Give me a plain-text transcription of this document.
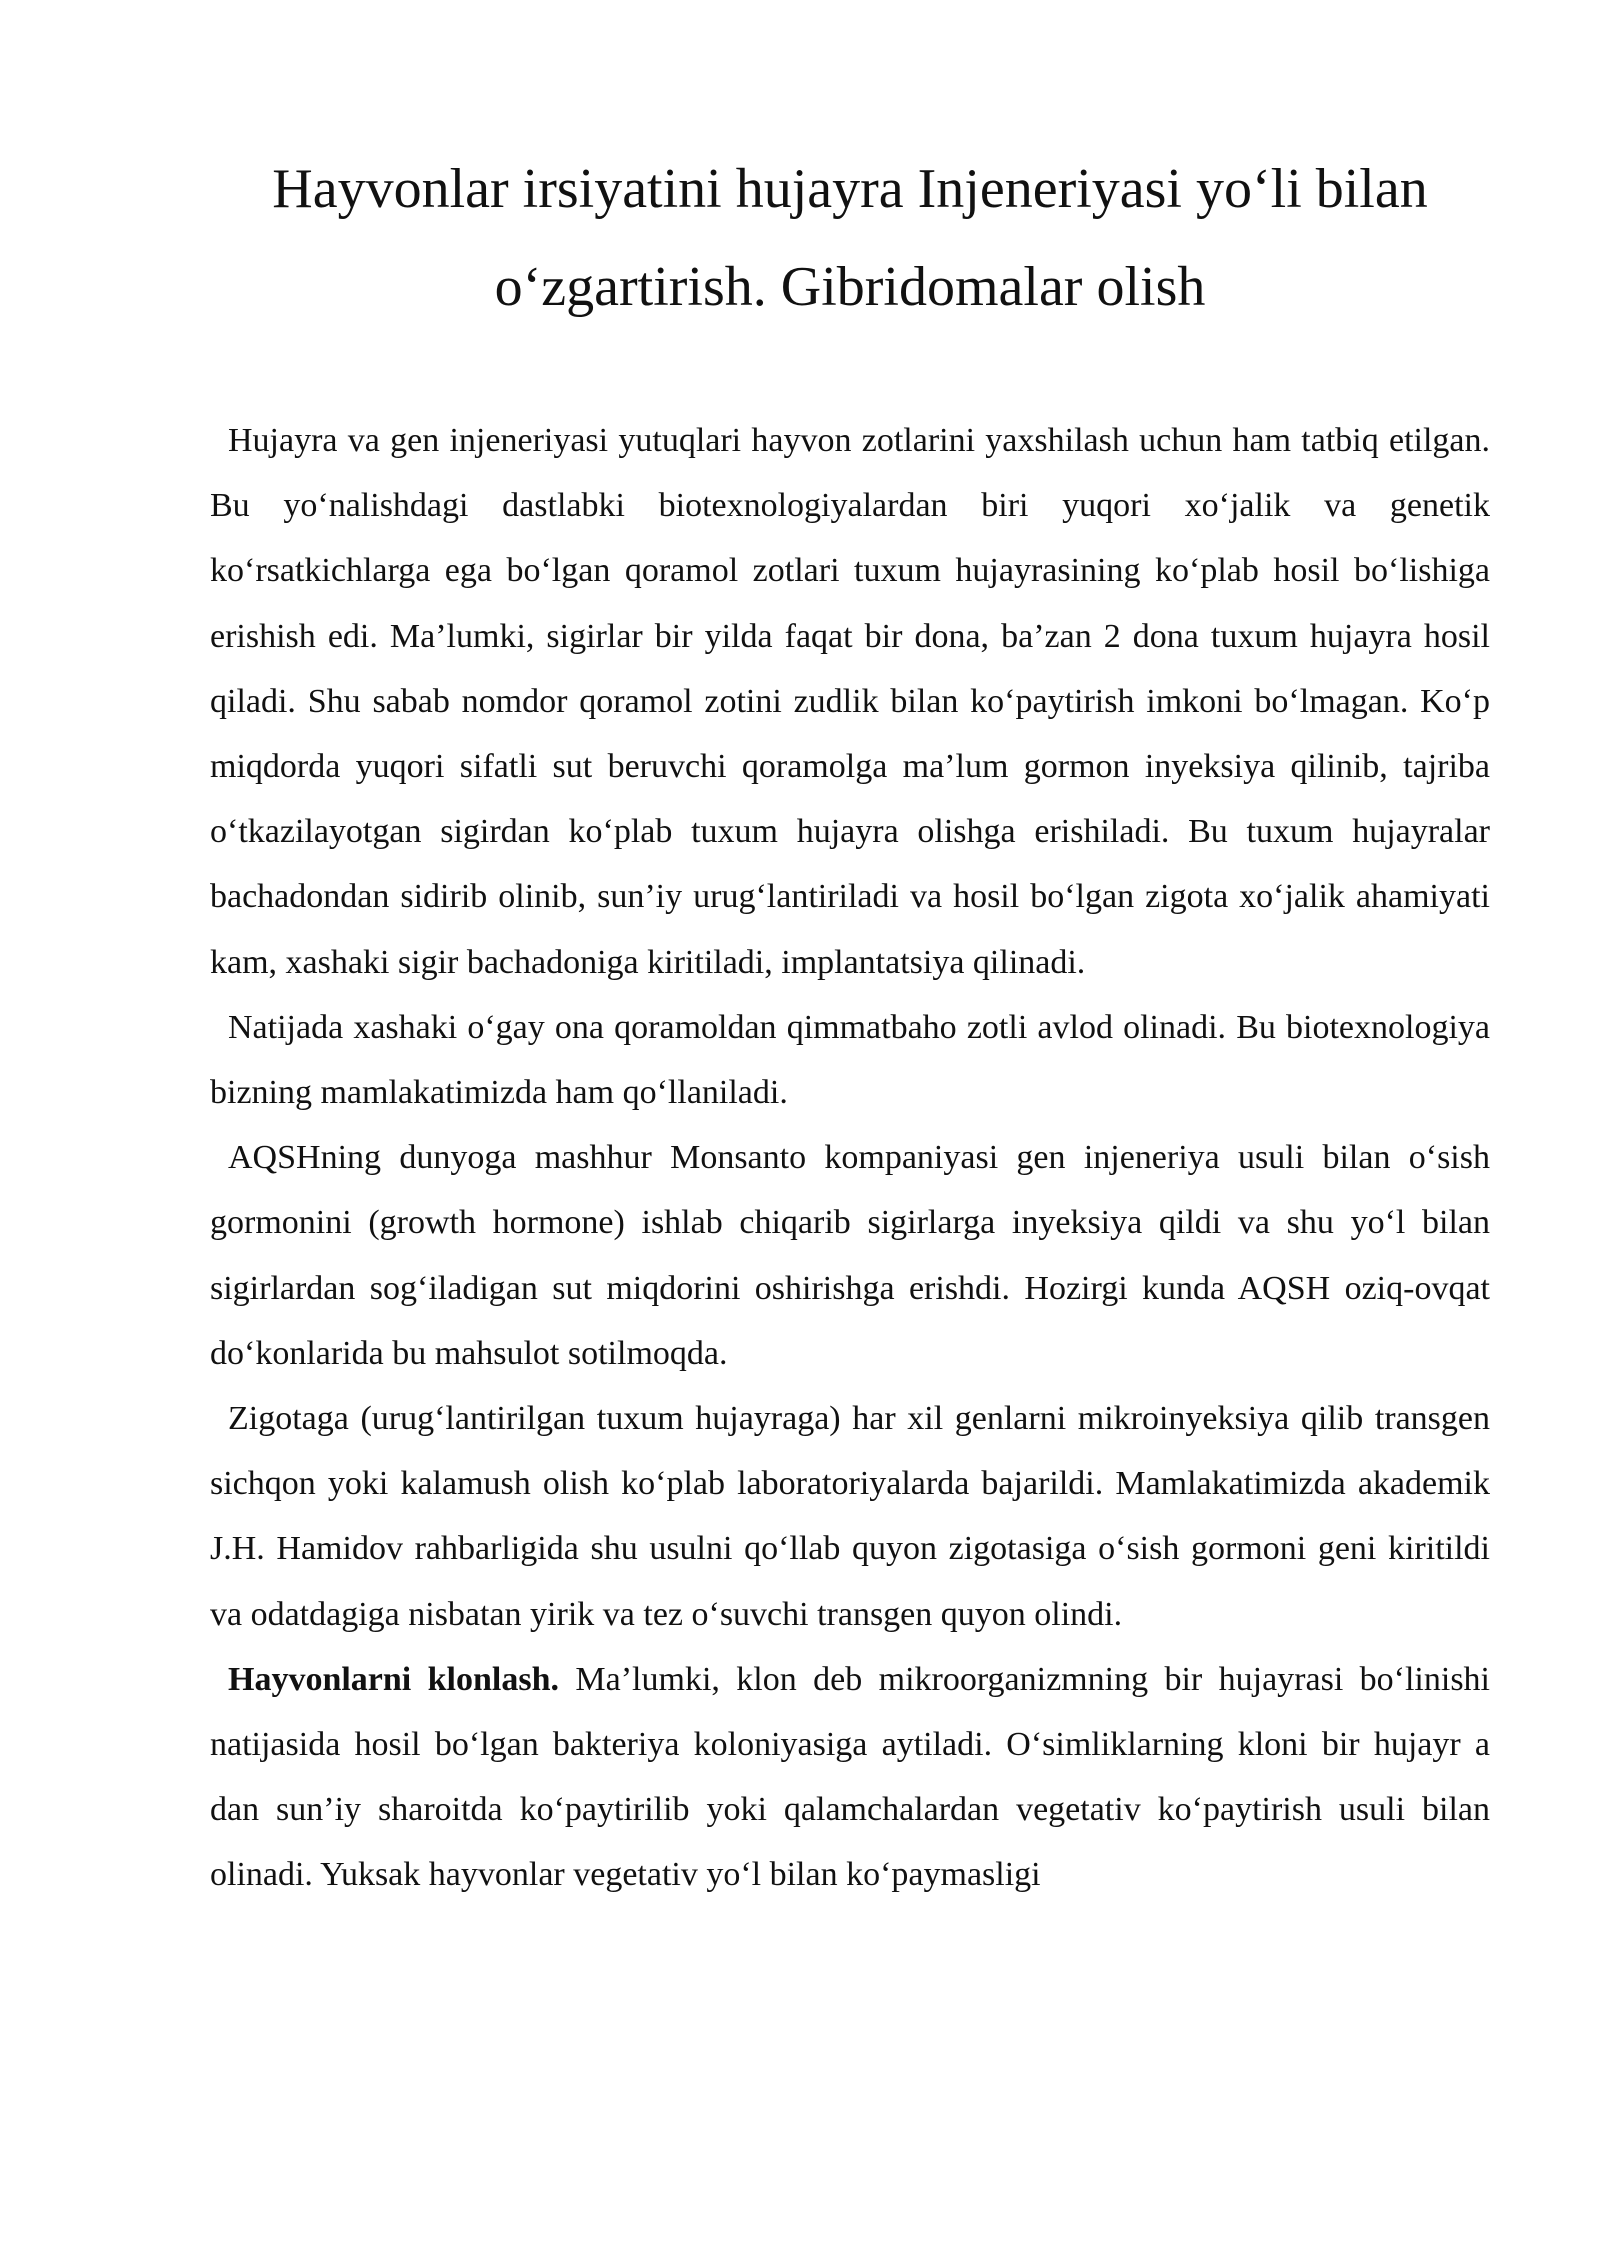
Hayvonlar irsiyatini hujayra Injeneriyasi yo‘li bilan o‘zgartirish. Gibridomalar olish

Hujayra va gen injeneriyasi yutuqlari hayvon zotlarini yaxshilash uchun ham tatbiq etilgan. Bu yo‘nalishdagi dastlabki biotexnologiyalardan biri yuqori xo‘jalik va genetik ko‘rsatkichlarga ega bo‘lgan qoramol zotlari tuxum hujayrasining ko‘plab hosil bo‘lishiga erishish edi. Ma’lumki, sigirlar bir yilda faqat bir dona, ba’zan 2 dona tuxum hujayra hosil qiladi. Shu sabab nomdor qoramol zotini zudlik bilan ko‘paytirish imkoni bo‘lmagan. Ko‘p miqdorda yuqori sifatli sut beruvchi qoramolga ma’lum gormon inyeksiya qilinib, tajriba o‘tkazilayotgan sigirdan ko‘plab tuxum hujayra olishga erishiladi. Bu tuxum hujayralar bachadondan sidirib olinib, sun’iy urug‘lantiriladi va hosil bo‘lgan zigota xo‘jalik ahamiyati kam, xashaki sigir bachadoniga kiritiladi, implantatsiya qilinadi.

Natijada xashaki o‘gay ona qoramoldan qimmatbaho zotli avlod olinadi. Bu biotexnologiya bizning mamlakatimizda ham qo‘llaniladi.

AQSHning dunyoga mashhur Monsanto kompaniyasi gen injeneriya usuli bilan o‘sish gormonini (growth hormone) ishlab chiqarib sigirlarga inyeksiya qildi va shu yo‘l bilan sigirlardan sog‘iladigan sut miqdorini oshirishga erishdi. Hozirgi kunda AQSH oziq-ovqat do‘konlarida bu mahsulot sotilmoqda.

Zigotaga (urug‘lantirilgan tuxum hujayraga) har xil genlarni mikroinyeksiya qilib transgen sichqon yoki kalamush olish ko‘plab laboratoriyalarda bajarildi. Mamlakatimizda akademik J.H. Hamidov rahbarligida shu usulni qo‘llab quyon zigotasiga o‘sish gormoni geni kiritildi va odatdagiga nisbatan yirik va tez o‘suvchi transgen quyon olindi.

Hayvonlarni klonlash. Ma’lumki, klon deb mikroorganizmning bir hujayrasi bo‘linishi natijasida hosil bo‘lgan bakteriya koloniyasiga aytiladi. O‘simliklarning kloni bir hujayr a dan sun’iy sharoitda ko‘paytirilib yoki qalamchalardan vegetativ ko‘paytirish usuli bilan olinadi. Yuksak hayvonlar vegetativ yo‘l bilan ko‘paymasligi
